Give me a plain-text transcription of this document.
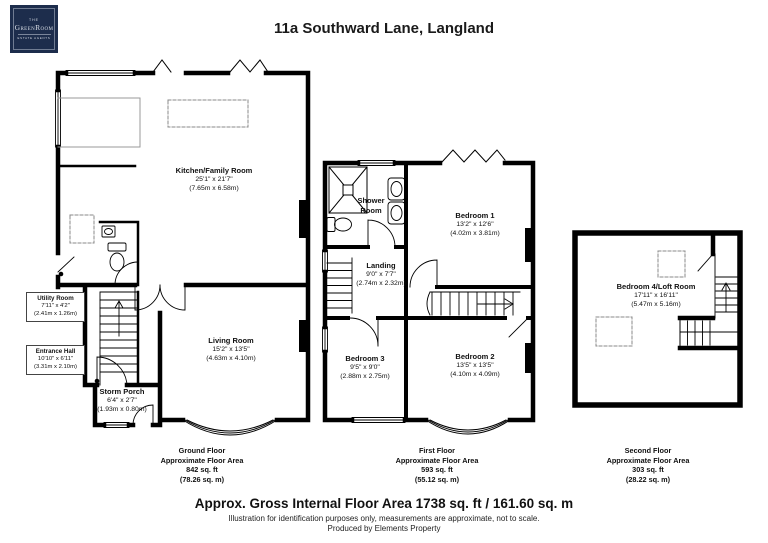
THE
GreenRoom
ESTATE AGENTS
11a Southward Lane, Langland
Kitchen/Family Room
25'1" x 21'7"
(7.65m x 6.58m)
Living Room
15'2" x 13'5"
(4.63m x 4.10m)
Utility Room
7'11" x 4'2"
(2.41m x 1.26m)
Entrance Hall
10'10" x 6'11"
(3.31m x 2.10m)
Storm Porch
6'4" x 2'7"
(1.93m x 0.80m)
Shower Room
Bedroom 1
13'2" x 12'6"
(4.02m x 3.81m)
Landing
9'0" x 7'7"
(2.74m x 2.32m)
Bedroom 3
9'5" x 9'0"
(2.88m x 2.75m)
Bedroom 2
13'5" x 13'5"
(4.10m x 4.09m)
Bedroom 4/Loft Room
17'11" x 16'11"
(5.47m x 5.16m)
Ground Floor
Approximate Floor Area
842 sq. ft
(78.26 sq. m)
First Floor
Approximate Floor Area
593 sq. ft
(55.12 sq. m)
Second Floor
Approximate Floor Area
303 sq. ft
(28.22 sq. m)
Approx. Gross Internal Floor Area 1738 sq. ft / 161.60 sq. m
Illustration for identification purposes only, measurements are approximate, not to scale.
Produced by Elements Property
